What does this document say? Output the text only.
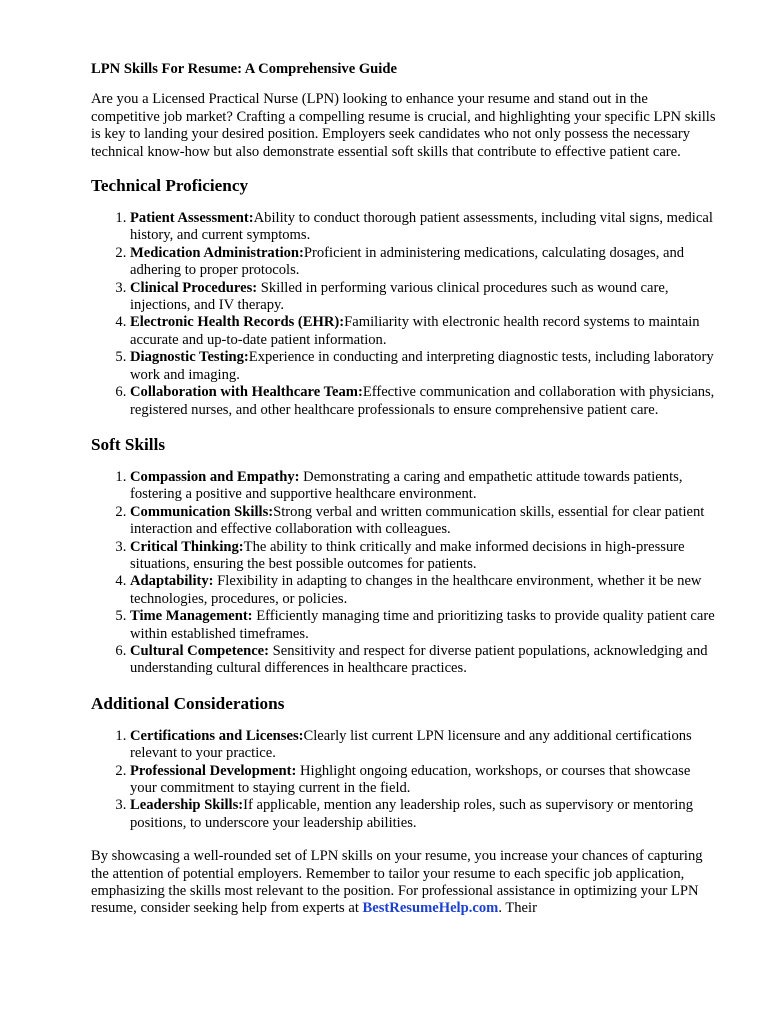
LPN Skills For Resume: A Comprehensive Guide

Are you a Licensed Practical Nurse (LPN) looking to enhance your resume and stand out in the competitive job market? Crafting a compelling resume is crucial, and highlighting your specific LPN skills is key to landing your desired position. Employers seek candidates who not only possess the necessary technical know-how but also demonstrate essential soft skills that contribute to effective patient care.

Technical Proficiency
1. Patient Assessment:Ability to conduct thorough patient assessments, including vital signs, medical history, and current symptoms.
2. Medication Administration:Proficient in administering medications, calculating dosages, and adhering to proper protocols.
3. Clinical Procedures: Skilled in performing various clinical procedures such as wound care, injections, and IV therapy.
4. Electronic Health Records (EHR):Familiarity with electronic health record systems to maintain accurate and up-to-date patient information.
5. Diagnostic Testing:Experience in conducting and interpreting diagnostic tests, including laboratory work and imaging.
6. Collaboration with Healthcare Team:Effective communication and collaboration with physicians, registered nurses, and other healthcare professionals to ensure comprehensive patient care.
Soft Skills
1. Compassion and Empathy: Demonstrating a caring and empathetic attitude towards patients, fostering a positive and supportive healthcare environment.
2. Communication Skills:Strong verbal and written communication skills, essential for clear patient interaction and effective collaboration with colleagues.
3. Critical Thinking:The ability to think critically and make informed decisions in high-pressure situations, ensuring the best possible outcomes for patients.
4. Adaptability: Flexibility in adapting to changes in the healthcare environment, whether it be new technologies, procedures, or policies.
5. Time Management: Efficiently managing time and prioritizing tasks to provide quality patient care within established timeframes.
6. Cultural Competence: Sensitivity and respect for diverse patient populations, acknowledging and understanding cultural differences in healthcare practices.
Additional Considerations
1. Certifications and Licenses:Clearly list current LPN licensure and any additional certifications relevant to your practice.
2. Professional Development: Highlight ongoing education, workshops, or courses that showcase your commitment to staying current in the field.
3. Leadership Skills:If applicable, mention any leadership roles, such as supervisory or mentoring positions, to underscore your leadership abilities.

By showcasing a well-rounded set of LPN skills on your resume, you increase your chances of capturing the attention of potential employers. Remember to tailor your resume to each specific job application, emphasizing the skills most relevant to the position. For professional assistance in optimizing your LPN resume, consider seeking help from experts at BestResumeHelp.com. Their
